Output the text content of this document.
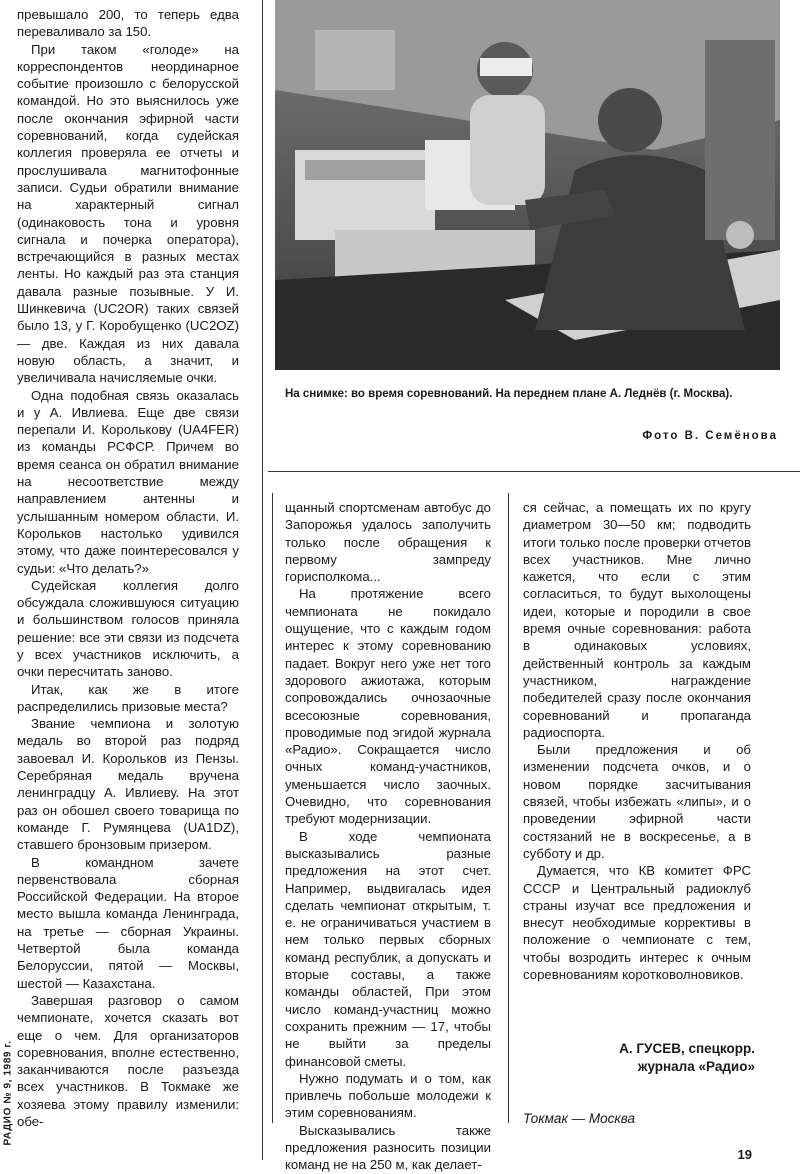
превышало 200, то теперь едва переваливало за 150.

При таком «голоде» на корреспондентов неординарное событие произошло с белорусской командой. Но это выяснилось уже после окончания эфирной части соревнований, когда судейская коллегия проверяла ее отчеты и прослушивала магнитофонные записи. Судьи обратили внимание на характерный сигнал (одинаковость тона и уровня сигнала и почерка оператора), встречающийся в разных местах ленты. Но каждый раз эта станция давала разные позывные. У И. Шинкевича (UC2OR) таких связей было 13, у Г. Коробущенко (UC2OZ) — две. Каждая из них давала новую область, а значит, и увеличивала начисляемые очки.

Одна подобная связь оказалась и у А. Ивлиева. Еще две связи перепали И. Королькову (UA4FER) из команды РСФСР. Причем во время сеанса он обратил внимание на несоответствие между направлением антенны и услышанным номером области. И. Корольков настолько удивился этому, что даже поинтересовался у судьи: «Что делать?»

Судейская коллегия долго обсуждала сложившуюся ситуацию и большинством голосов приняла решение: все эти связи из подсчета у всех участников исключить, а очки пересчитать заново.

Итак, как же в итоге распределились призовые места?

Звание чемпиона и золотую медаль во второй раз подряд завоевал И. Корольков из Пензы. Серебряная медаль вручена ленинградцу А. Ивлиеву. На этот раз он обошел своего товарища по команде Г. Румянцева (UA1DZ), ставшего бронзовым призером.

В командном зачете первенствовала сборная Российской Федерации. На второе место вышла команда Ленинграда, на третье — сборная Украины. Четвертой была команда Белоруссии, пятой — Москвы, шестой — Казахстана.

Завершая разговор о самом чемпионате, хочется сказать вот еще о чем. Для организаторов соревнования, вполне естественно, заканчиваются после разъезда всех участников. В Токмаке же хозяева этому правилу изменили: обе-

На снимке: во время соревнований. На переднем плане А. Леднёв (г. Москва).
Фото В. Семёнова

щанный спортсменам автобус до Запорожья удалось заполучить только после обращения к первому зампреду горисполкома...

На протяжение всего чемпионата не покидало ощущение, что с каждым годом интерес к этому соревнованию падает. Вокруг него уже нет того здорового ажиотажа, которым сопровождались очнозаочные всесоюзные соревнования, проводимые под эгидой журнала «Радио». Сокращается число очных команд-участников, уменьшается число заочных. Очевидно, что соревнования требуют модернизации.

В ходе чемпионата высказывались разные предложения на этот счет. Например, выдвигалась идея сделать чемпионат открытым, т. е. не ограничиваться участием в нем только первых сборных команд республик, а допускать и вторые составы, а также команды областей, При этом число команд-участниц можно сохранить прежним — 17, чтобы не выйти за пределы финансовой сметы.

Нужно подумать и о том, как привлечь побольше молодежи к этим соревнованиям.

Высказывались также предложения разносить позиции команд не на 250 м, как делает-

ся сейчас, а помещать их по кругу диаметром 30—50 км; подводить итоги только после проверки отчетов всех участников. Мне лично кажется, что если с этим согласиться, то будут выхолощены идеи, которые и породили в свое время очные соревнования: работа в одинаковых условиях, действенный контроль за каждым участником, награждение победителей сразу после окончания соревнований и пропаганда радиоспорта.

Были предложения и об изменении подсчета очков, и о новом порядке засчитывания связей, чтобы избежать «липы», и о проведении эфирной части состязаний не в воскресенье, а в субботу и др.

Думается, что КВ комитет ФРС СССР и Центральный радиоклуб страны изучат все предложения и внесут необходимые коррективы в положение о чемпионате с тем, чтобы возродить интерес к очным соревнованиям коротковолновиков.

А. ГУСЕВ, спецкорр.
журнала «Радио»
Токмак — Москва
19
РАДИО № 9, 1989 г.
